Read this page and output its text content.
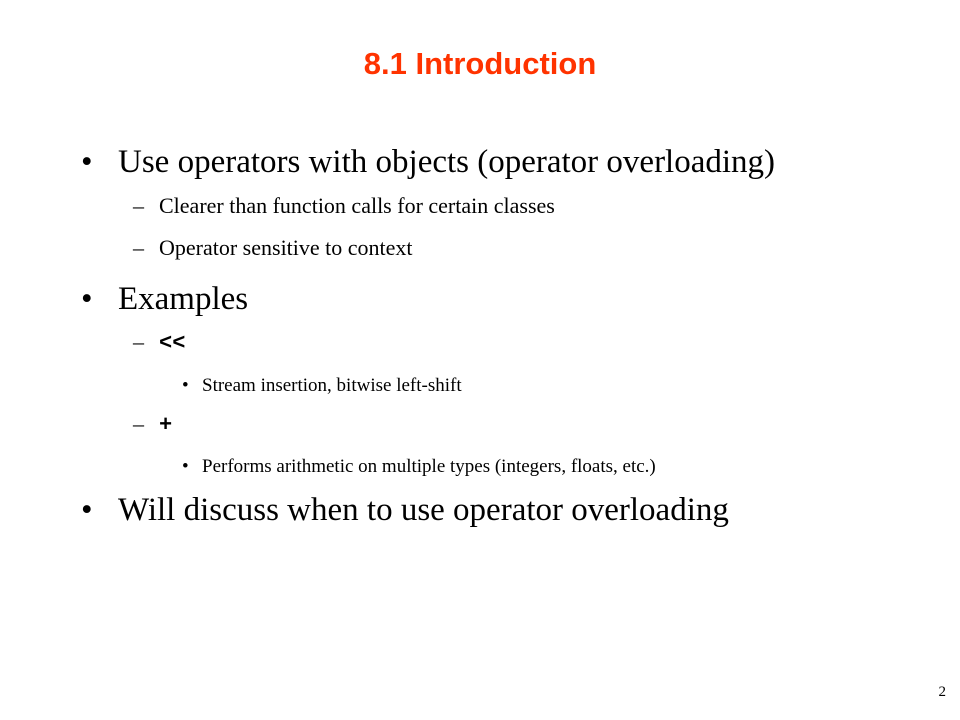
8.1 Introduction
• Use operators with objects (operator overloading)
– Clearer than function calls for certain classes
– Operator sensitive to context
• Examples
– <<
• Stream insertion, bitwise left-shift
– +
• Performs arithmetic on multiple types (integers, floats, etc.)
• Will discuss when to use operator overloading
2
